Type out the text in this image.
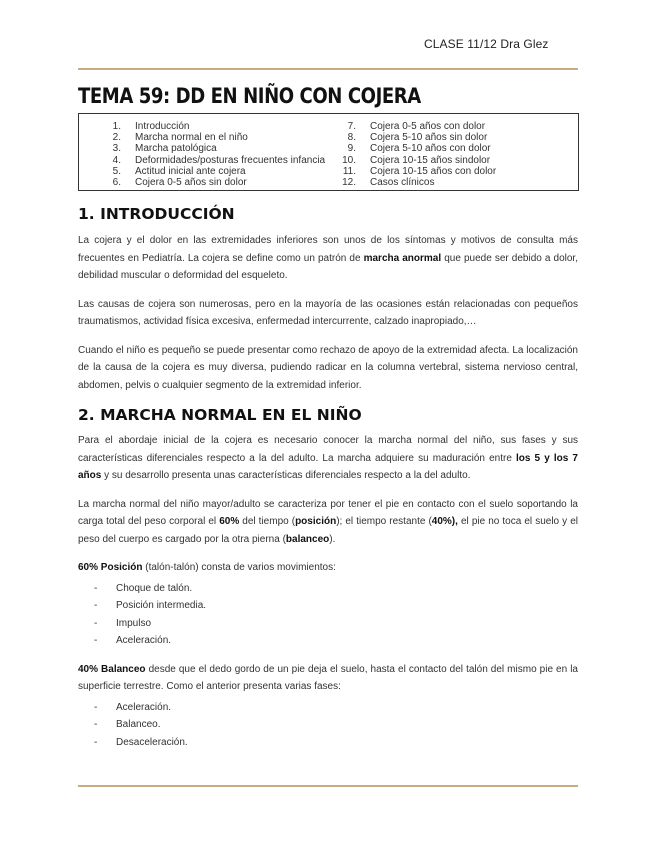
CLASE 11/12 Dra Glez
TEMA 59: DD EN NIÑO CON COJERA
1. Introducción
2. Marcha normal en el niño
3. Marcha patológica
4. Deformidades/posturas frecuentes infancia
5. Actitud inicial ante cojera
6. Cojera 0-5 años sin dolor
7. Cojera 0-5 años con dolor
8. Cojera 5-10 años sin dolor
9. Cojera 5-10 años con dolor
10. Cojera 10-15 años sindolor
11. Cojera 10-15 años con dolor
12. Casos clínicos
1. INTRODUCCIÓN

La cojera y el dolor en las extremidades inferiores son unos de los síntomas y motivos de consulta más frecuentes en Pediatría. La cojera se define como un patrón de marcha anormal que puede ser debido a dolor, debilidad muscular o deformidad del esqueleto.

Las causas de cojera son numerosas, pero en la mayoría de las ocasiones están relacionadas con pequeños traumatismos, actividad física excesiva, enfermedad intercurrente, calzado inapropiado,…

Cuando el niño es pequeño se puede presentar como rechazo de apoyo de la extremidad afecta. La localización de la causa de la cojera es muy diversa, pudiendo radicar en la columna vertebral, sistema nervioso central, abdomen, pelvis o cualquier segmento de la extremidad inferior.

2. MARCHA NORMAL EN EL NIÑO

Para el abordaje inicial de la cojera es necesario conocer la marcha normal del niño, sus fases y sus características diferenciales respecto a la del adulto. La marcha adquiere su maduración entre los 5 y los 7 años y su desarrollo presenta unas características diferenciales respecto a la del adulto.

La marcha normal del niño mayor/adulto se caracteriza por tener el pie en contacto con el suelo soportando la carga total del peso corporal el 60% del tiempo (posición); el tiempo restante (40%), el pie no toca el suelo y el peso del cuerpo es cargado por la otra pierna (balanceo).

60% Posición (talón-talón) consta de varios movimientos:

- Choque de talón.
- Posición intermedia.
- Impulso
- Aceleración.

40% Balanceo desde que el dedo gordo de un pie deja el suelo, hasta el contacto del talón del mismo pie en la superficie terrestre. Como el anterior presenta varias fases:

- Aceleración.
- Balanceo.
- Desaceleración.
